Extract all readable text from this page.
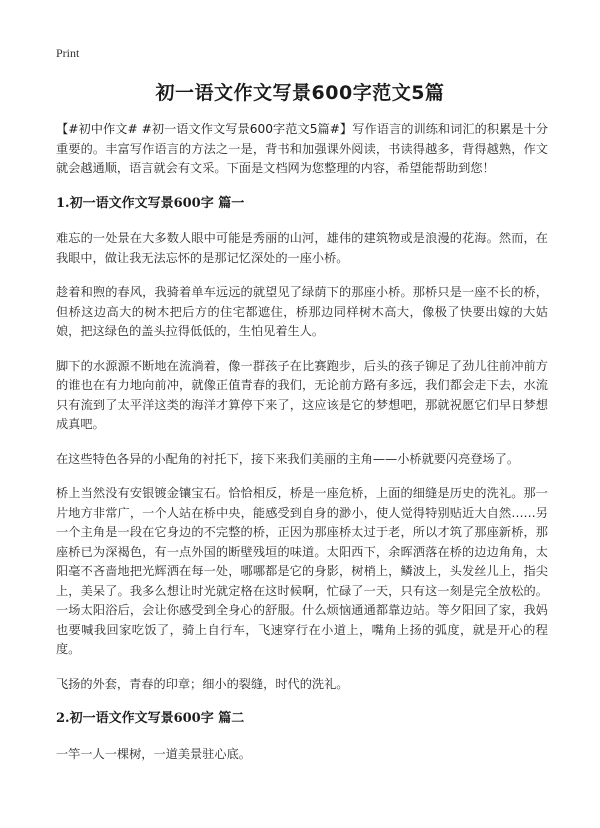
Print
初一语文作文写景600字范文5篇

【#初中作文# #初一语文作文写景600字范文5篇#】写作语言的训练和词汇的积累是十分重要的。丰富写作语言的方法之一是，背书和加强课外阅读，书读得越多，背得越熟，作文就会越通顺，语言就会有文采。下面是文档网为您整理的内容，希望能帮助到您！

1.初一语文作文写景600字 篇一

难忘的一处景在大多数人眼中可能是秀丽的山河，雄伟的建筑物或是浪漫的花海。然而，在我眼中，做让我无法忘怀的是那记忆深处的一座小桥。

趁着和煦的春风，我骑着单车远远的就望见了绿荫下的那座小桥。那桥只是一座不长的桥，但桥这边高大的树木把后方的住宅都遮住，桥那边同样树木高大，像极了快要出嫁的大姑娘，把这绿色的盖头拉得低低的，生怕见着生人。

脚下的水源源不断地在流淌着，像一群孩子在比赛跑步，后头的孩子铆足了劲儿往前冲前方的谁也在有力地向前冲，就像正值青春的我们，无论前方路有多远，我们都会走下去，水流只有流到了太平洋这类的海洋才算停下来了，这应该是它的梦想吧，那就祝愿它们早日梦想成真吧。

在这些特色各异的小配角的衬托下，接下来我们美丽的主角——小桥就要闪亮登场了。

桥上当然没有安银镀金镶宝石。恰恰相反，桥是一座危桥，上面的细缝是历史的洗礼。那一片地方非常广，一个人站在桥中央，能感受到自身的渺小，使人觉得特别贴近大自然……另一个主角是一段在它身边的不完整的桥，正因为那座桥太过于老，所以才筑了那座新桥，那座桥已为深褐色，有一点外国的断壁残垣的味道。太阳西下，余晖洒落在桥的边边角角，太阳毫不吝啬地把光辉洒在每一处，哪哪都是它的身影，树梢上，鳞波上，头发丝儿上，指尖上，美呆了。我多么想让时光就定格在这时候啊，忙碌了一天，只有这一刻是完全放松的。一场太阳浴后，会让你感受到全身心的舒服。什么烦恼通通都靠边站。等夕阳回了家，我妈也要喊我回家吃饭了，骑上自行车，飞速穿行在小道上，嘴角上扬的弧度，就是开心的程度。

飞扬的外套，青春的印章；细小的裂缝，时代的洗礼。

2.初一语文作文写景600字 篇二

一竿一人一棵树，一道美景驻心底。
